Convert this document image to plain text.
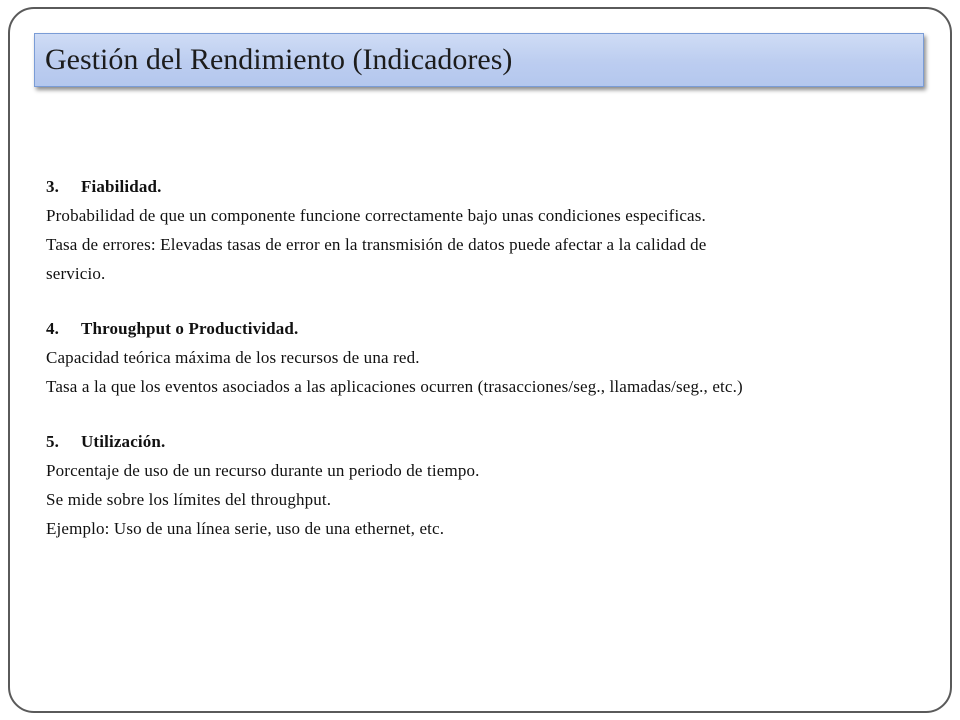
Gestión del Rendimiento (Indicadores)
3. Fiabilidad.
Probabilidad de que un componente funcione correctamente bajo unas condiciones especificas.
Tasa de errores: Elevadas tasas de error en la transmisión de datos puede afectar a la calidad de
servicio.
4. Throughput o Productividad.
Capacidad teórica máxima de los recursos de una red.
Tasa a la que los eventos asociados a las aplicaciones ocurren (trasacciones/seg., llamadas/seg., etc.)
5. Utilización.
Porcentaje de uso de un recurso durante un periodo de tiempo.
Se mide sobre los límites del throughput.
Ejemplo: Uso de una línea serie, uso de una ethernet, etc.
